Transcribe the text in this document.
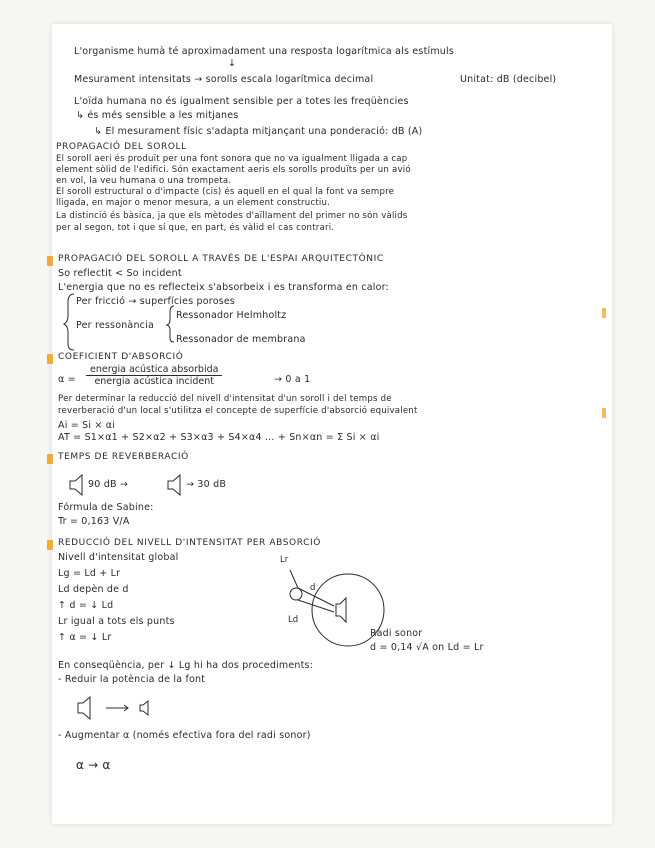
L'organisme humà té aproximadament una resposta logarítmica als estímuls
↓
Mesurament intensitats → sorolls escala logarítmica decimal	Unitat: dB (decibel)
L'oïda humana no és igualment sensible per a totes les freqüències
↳ és més sensible a les mitjanes
↳ El mesurament físic s'adapta mitjançant una ponderació: dB (A)
PROPAGACIÓ DEL SOROLL
El soroll aeri és produït per una font sonora que no va igualment lligada a cap
element sòlid de l'edifici. Són exactament aeris els sorolls produïts per un avió
en vol, la veu humana o una trompeta.
El soroll estructural o d'impacte (cis) és aquell en el qual la font va sempre
lligada, en major o menor mesura, a un element constructiu.
La distinció és bàsica, ja que els mètodes d'aïllament del primer no són vàlids
per al segon, tot i que sí que, en part, és vàlid el cas contrari.
PROPAGACIÓ DEL SOROLL A TRAVÉS DE L'ESPAI ARQUITECTÒNIC
So reflectit < So incident
L'energia que no es reflecteix s'absorbeix i es transforma en calor:
Per fricció → superfícies poroses
Per ressonància
Ressonador Helmholtz
Ressonador de membrana
COEFICIENT D'ABSORCIÓ
α =
energia acústica absorbida
energia acústica incident	→ 0 a 1
Per determinar la reducció del nivell d'intensitat d'un soroll i del temps de
reverberació d'un local s'utilitza el concepte de superfície d'absorció equivalent
Ai = Si × αi
AT = S1×α1 + S2×α2 + S3×α3 + S4×α4 ... + Sn×αn = Σ Si × αi
TEMPS DE REVERBERACIÓ
90 dB →	→ 30 dB
Fórmula de Sabine:
Tr = 0,163 V/A
REDUCCIÓ DEL NIVELL D'INTENSITAT PER ABSORCIÓ
Nivell d'intensitat global
Lg = Ld + Lr
Ld depèn de d
↑ d = ↓ Ld
Lr igual a tots els punts
↑ α = ↓ Lr
Lr
d
Ld
Radi sonor
d = 0,14 √A on Ld = Lr
En conseqüència, per ↓ Lg hi ha dos procediments:
- Reduir la potència de la font
- Augmentar α (només efectiva fora del radi sonor)
α → α
